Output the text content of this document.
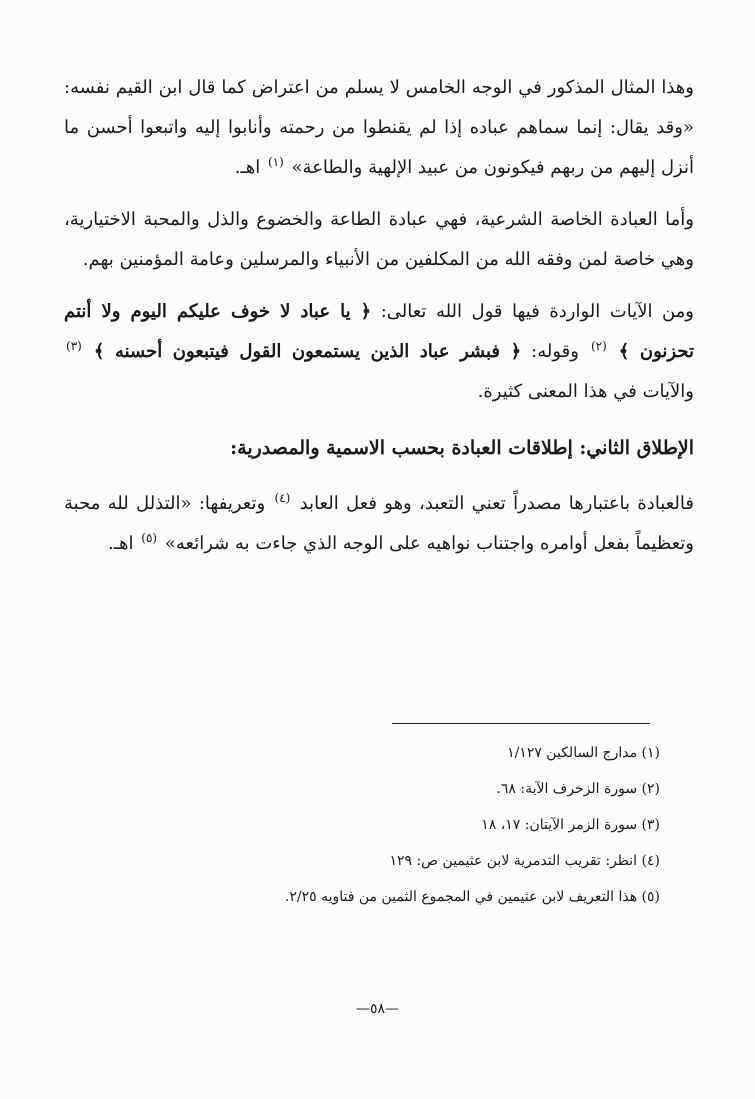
وهذا المثال المذكور في الوجه الخامس لا يسلم من اعتراض كما قال ابن القيم نفسه: «وقد يقال: إنما سماهم عباده إذا لم يقنطوا من رحمته وأنابوا إليه واتبعوا أحسن ما أنزل إليهم من ربهم فيكونون من عبيد الإلهية والطاعة» $^{(١)}$ اهـ.

وأما العبادة الخاصة الشرعية، فهي عبادة الطاعة والخضوع والذل والمحبة الاختيارية، وهي خاصة لمن وفقه الله من المكلفين من الأنبياء والمرسلين وعامة المؤمنين بهم.

ومن الآيات الواردة فيها قول الله تعالى: ﴿ يا عباد لا خوف عليكم اليوم ولا أنتم تحزنون ﴾ $^{(٢)}$ وقوله: ﴿ فبشر عباد الذين يستمعون القول فيتبعون أحسنه ﴾ $^{(٣)}$ والآيات في هذا المعنى كثيرة.

الإطلاق الثاني: إطلاقات العبادة بحسب الاسمية والمصدرية:

فالعبادة باعتبارها مصدراً تعني التعبد، وهو فعل العابد $^{(٤)}$ وتعريفها: «التذلل لله محبة وتعظيماً بفعل أوامره واجتناب نواهيه على الوجه الذي جاءت به شرائعه» $^{(٥)}$ اهـ.

(١) مدارج السالكين ١/١٢٧

(٢) سورة الزخرف الآية: ٦٨.

(٣) سورة الزمر الآيتان: ١٧، ١٨

(٤) انظر: تقريب التدمرية لابن عثيمين ص: ١٢٩

(٥) هذا التعريف لابن عثيمين في المجموع الثمين من فتاويه ٢/٢٥.

—٥٨—
